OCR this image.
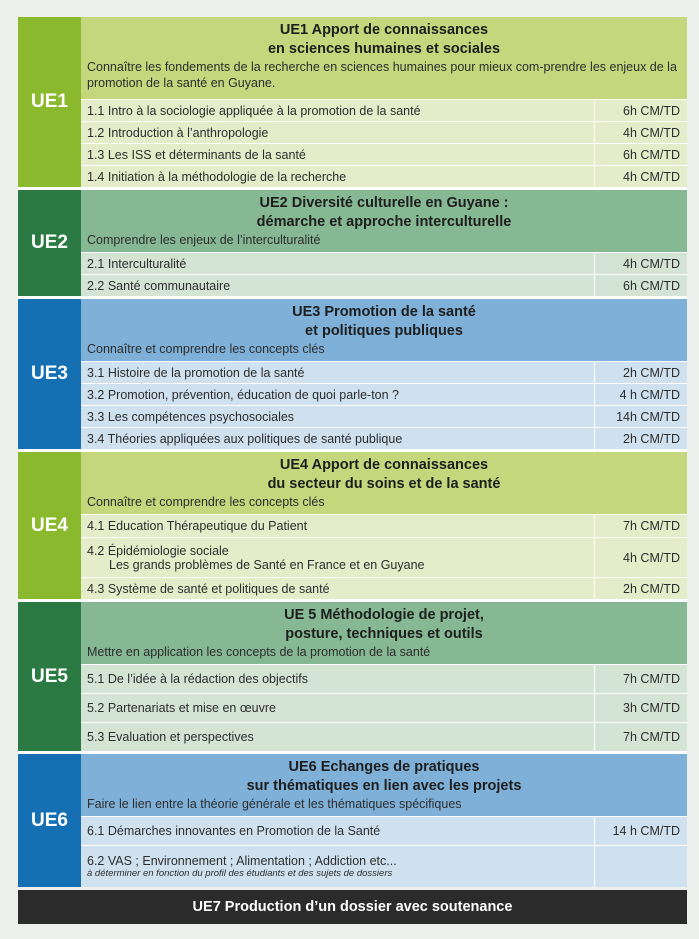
UE1
UE1 Apport de connaissances
en sciences humaines et sociales
Connaître les fondements de la recherche en sciences humaines pour mieux com-prendre les enjeux de la promotion de la santé en Guyane.
1.1 Intro à la sociologie appliquée à la promotion de la santé	6h CM/TD
1.2 Introduction à l’anthropologie	4h CM/TD
1.3 Les ISS et déterminants de la santé	6h CM/TD
1.4 Initiation à la méthodologie de la recherche	4h CM/TD
UE2
UE2 Diversité culturelle en Guyane :
démarche et approche interculturelle
Comprendre les enjeux de l’interculturalité
2.1 Interculturalité	4h CM/TD
2.2 Santé communautaire	6h CM/TD
UE3
UE3 Promotion de la santé
et politiques publiques
Connaître et comprendre les concepts clés
3.1 Histoire de la promotion de la santé	2h CM/TD
3.2 Promotion, prévention, éducation de quoi parle-ton ?	4 h CM/TD
3.3 Les compétences psychosociales	14h CM/TD
3.4 Théories appliquées aux politiques de santé publique	2h CM/TD
UE4
UE4 Apport de connaissances
du secteur du soins et de la santé
Connaître et comprendre les concepts clés
4.1 Education Thérapeutique du Patient	7h CM/TD
4.2 Épidémiologie sociale
Les grands problèmes de Santé en France et en Guyane	4h CM/TD
4.3 Système de santé et politiques de santé	2h CM/TD
UE5
UE 5 Méthodologie de projet,
posture, techniques et outils
Mettre en application les concepts de la promotion de la santé
5.1 De l’idée à la rédaction des objectifs	7h CM/TD
5.2 Partenariats et mise en œuvre	3h CM/TD
5.3 Evaluation et perspectives	7h CM/TD
UE6
UE6 Echanges de pratiques
sur thématiques en lien avec les projets
Faire le lien entre la théorie générale et les thématiques spécifiques
6.1 Démarches innovantes en Promotion de la Santé	14 h CM/TD
6.2 VAS ; Environnement ; Alimentation ; Addiction etc...
à déterminer en fonction du profil des étudiants et des sujets de dossiers
UE7 Production d’un dossier avec soutenance
